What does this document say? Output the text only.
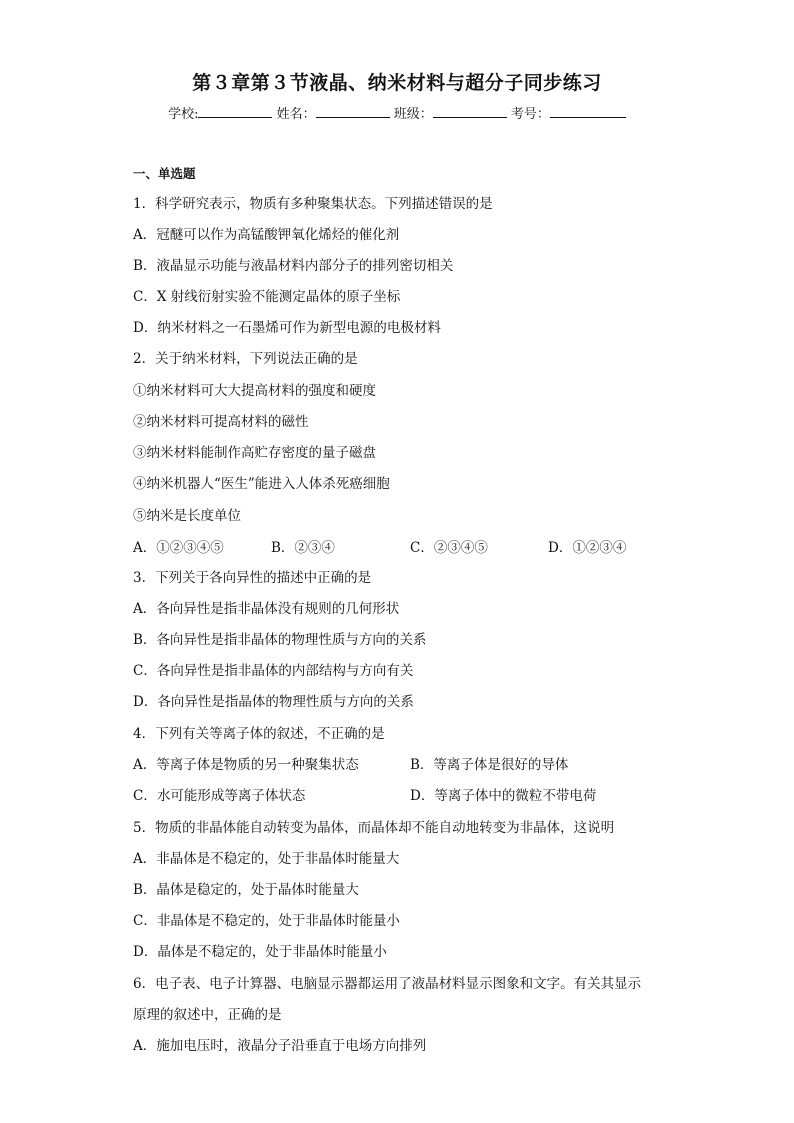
第３章第３节液晶、纳米材料与超分子同步练习
学校:	姓名：	班级：	考号：
一、单选题
1．科学研究表示，物质有多种聚集状态。下列描述错误的是
A．冠醚可以作为高锰酸钾氧化烯烃的催化剂
B．液晶显示功能与液晶材料内部分子的排列密切相关
C．X 射线衍射实验不能测定晶体的原子坐标
D．纳米材料之一石墨烯可作为新型电源的电极材料
2．关于纳米材料，下列说法正确的是
①纳米材料可大大提高材料的强度和硬度
②纳米材料可提高材料的磁性
③纳米材料能制作高贮存密度的量子磁盘
④纳米机器人“医生”能进入人体杀死癌细胞
⑤纳米是长度单位
A．①②③④⑤	B．②③④	C．②③④⑤	D．①②③④
3．下列关于各向异性的描述中正确的是
A．各向异性是指非晶体没有规则的几何形状
B．各向异性是指非晶体的物理性质与方向的关系
C．各向异性是指非晶体的内部结构与方向有关
D．各向异性是指晶体的物理性质与方向的关系
4．下列有关等离子体的叙述，不正确的是
A．等离子体是物质的另一种聚集状态	B．等离子体是很好的导体
C．水可能形成等离子体状态	D．等离子体中的微粒不带电荷
5．物质的非晶体能自动转变为晶体，而晶体却不能自动地转变为非晶体，这说明
A．非晶体是不稳定的，处于非晶体时能量大
B．晶体是稳定的，处于晶体时能量大
C．非晶体是不稳定的，处于非晶体时能量小
D．晶体是不稳定的，处于非晶体时能量小
6．电子表、电子计算器、电脑显示器都运用了液晶材料显示图象和文字。有关其显示
原理的叙述中，正确的是
A．施加电压时，液晶分子沿垂直于电场方向排列
